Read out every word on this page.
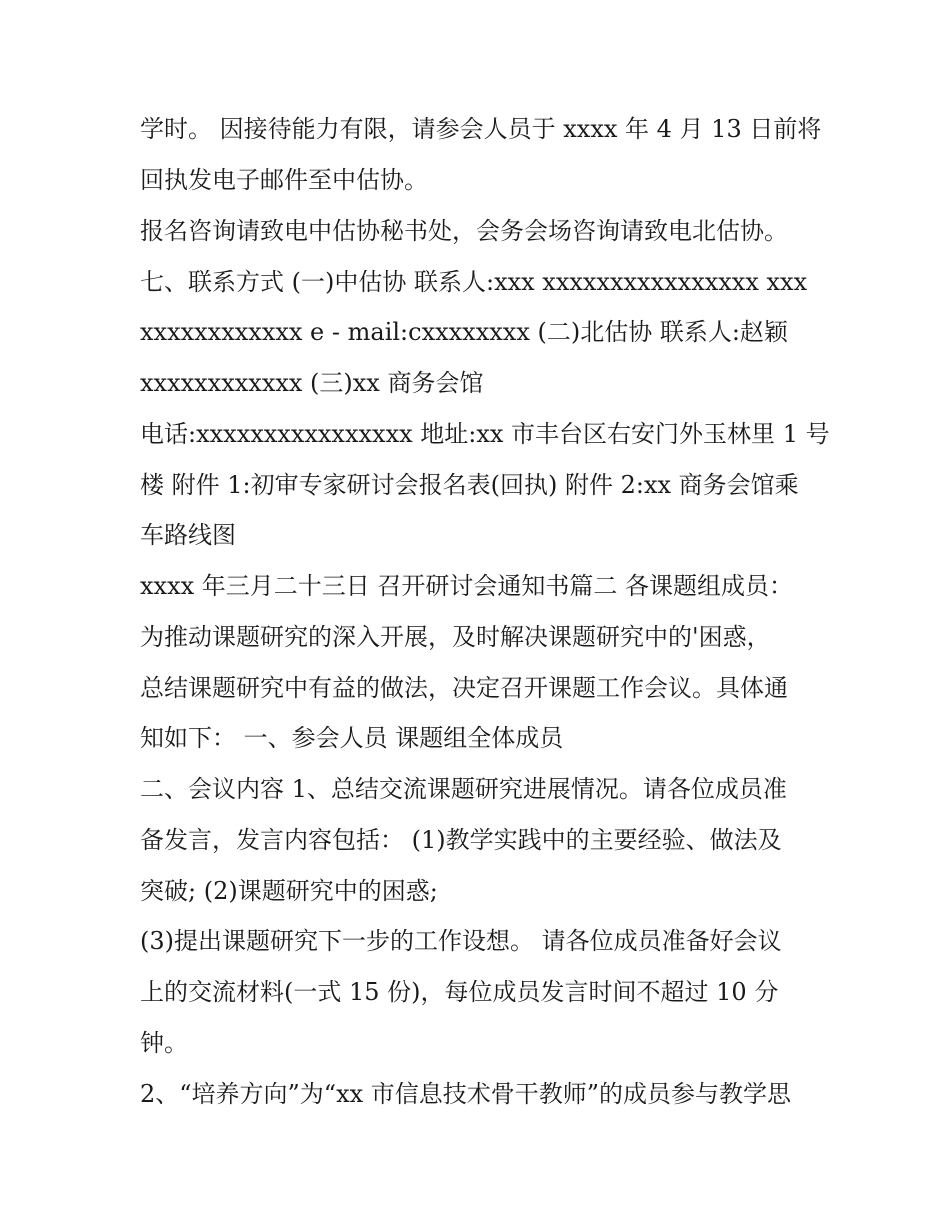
学时。 因接待能力有限，请参会人员于 xxxx 年 4 月 13 日前将
回执发电子邮件至中估协。
报名咨询请致电中估协秘书处，会务会场咨询请致电北估协。
七、联系方式 (一)中估协 联系人:xxx xxxxxxxxxxxxxxxx xxx
xxxxxxxxxxxx e - mail:cxxxxxxxx (二)北估协 联系人:赵颖
xxxxxxxxxxxx (三)xx 商务会馆
电话:xxxxxxxxxxxxxxxx 地址:xx 市丰台区右安门外玉林里 1 号
楼 附件 1:初审专家研讨会报名表(回执) 附件 2:xx 商务会馆乘
车路线图
xxxx 年三月二十三日 召开研讨会通知书篇二 各课题组成员：
为推动课题研究的深入开展，及时解决课题研究中的'困惑，
总结课题研究中有益的做法，决定召开课题工作会议。具体通
知如下： 一、参会人员 课题组全体成员
二、会议内容 1、总结交流课题研究进展情况。请各位成员准
备发言，发言内容包括： (1)教学实践中的主要经验、做法及
突破; (2)课题研究中的困惑;
(3)提出课题研究下一步的工作设想。 请各位成员准备好会议
上的交流材料(一式 15 份)，每位成员发言时间不超过 10 分
钟。
2、“培养方向”为“xx 市信息技术骨干教师”的成员参与教学思
